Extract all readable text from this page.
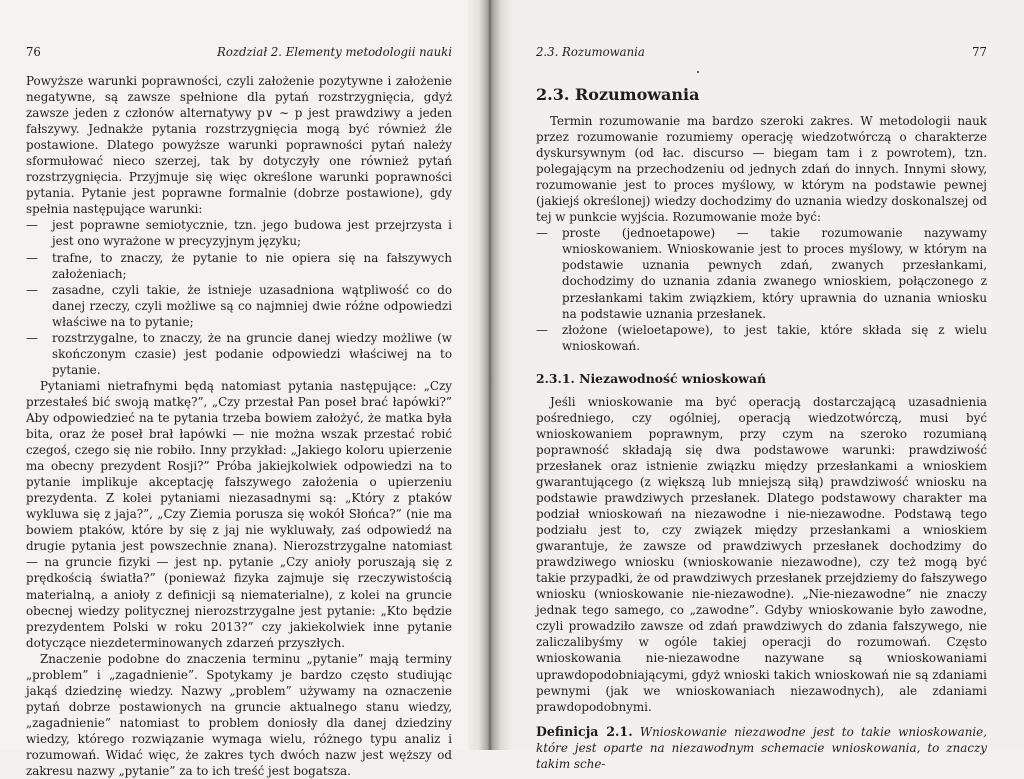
76	Rozdział 2. Elementy metodologii nauki

Powyższe warunki poprawności, czyli założenie pozytywne i założenie negatywne, są zawsze spełnione dla pytań rozstrzygnięcia, gdyż zawsze jeden z członów alternatywy p∨ ∼ p jest prawdziwy a jeden fałszywy. Jednakże pytania rozstrzygnięcia mogą być również źle postawione. Dlatego powyższe warunki poprawności pytań należy sformułować nieco szerzej, tak by dotyczyły one również pytań rozstrzygnięcia. Przyjmuje się więc określone warunki poprawności pytania. Pytanie jest poprawne formalnie (dobrze postawione), gdy spełnia następujące warunki:

— jest poprawne semiotycznie, tzn. jego budowa jest przejrzysta i jest ono wyrażone w precyzyjnym języku;
— trafne, to znaczy, że pytanie to nie opiera się na fałszywych założeniach;
— zasadne, czyli takie, że istnieje uzasadniona wątpliwość co do danej rzeczy, czyli możliwe są co najmniej dwie różne odpowiedzi właściwe na to pytanie;
— rozstrzygalne, to znaczy, że na gruncie danej wiedzy możliwe (w skończonym czasie) jest podanie odpowiedzi właściwej na to pytanie.

Pytaniami nietrafnymi będą natomiast pytania następujące: „Czy przestałeś bić swoją matkę?”, „Czy przestał Pan poseł brać łapówki?” Aby odpowiedzieć na te pytania trzeba bowiem założyć, że matka była bita, oraz że poseł brał łapówki — nie można wszak przestać robić czegoś, czego się nie robiło. Inny przykład: „Jakiego koloru upierzenie ma obecny prezydent Rosji?” Próba jakiejkolwiek odpowiedzi na to pytanie implikuje akceptację fałszywego założenia o upierzeniu prezydenta. Z kolei pytaniami niezasadnymi są: „Który z ptaków wykluwa się z jaja?”, „Czy Ziemia porusza się wokół Słońca?” (nie ma bowiem ptaków, które by się z jaj nie wykluwały, zaś odpowiedź na drugie pytania jest powszechnie znana). Nierozstrzygalne natomiast — na gruncie fizyki — jest np. pytanie „Czy anioły poruszają się z prędkością światła?” (ponieważ fizyka zajmuje się rzeczywistością materialną, a anioły z definicji są niematerialne), z kolei na gruncie obecnej wiedzy politycznej nierozstrzygalne jest pytanie: „Kto będzie prezydentem Polski w roku 2013?” czy jakiekolwiek inne pytanie dotyczące niezdeterminowanych zdarzeń przyszłych.

Znaczenie podobne do znaczenia terminu „pytanie” mają terminy „problem” i „zagadnienie”. Spotykamy je bardzo często studiując jakąś dziedzinę wiedzy. Nazwy „problem” używamy na oznaczenie pytań dobrze postawionych na gruncie aktualnego stanu wiedzy, „zagadnienie” natomiast to problem doniosły dla danej dziedziny wiedzy, którego rozwiązanie wymaga wielu, różnego typu analiz i rozumowań. Widać więc, że zakres tych dwóch nazw jest węższy od zakresu nazwy „pytanie” za to ich treść jest bogatsza.

2.3. Rozumowania	77
2.3. Rozumowania

Termin rozumowanie ma bardzo szeroki zakres. W metodologii nauk przez rozumowanie rozumiemy operację wiedzotwórczą o charakterze dyskursywnym (od łac. discurso — biegam tam i z powrotem), tzn. polegającym na przechodzeniu od jednych zdań do innych. Innymi słowy, rozumowanie jest to proces myślowy, w którym na podstawie pewnej (jakiejś określonej) wiedzy dochodzimy do uznania wiedzy doskonalszej od tej w punkcie wyjścia. Rozumowanie może być:

— proste (jednoetapowe) — takie rozumowanie nazywamy wnioskowaniem. Wnioskowanie jest to proces myślowy, w którym na podstawie uznania pewnych zdań, zwanych przesłankami, dochodzimy do uznania zdania zwanego wnioskiem, połączonego z przesłankami takim związkiem, który uprawnia do uznania wniosku na podstawie uznania przesłanek.
— złożone (wieloetapowe), to jest takie, które składa się z wielu wnioskowań.
2.3.1. Niezawodność wnioskowań

Jeśli wnioskowanie ma być operacją dostarczającą uzasadnienia pośredniego, czy ogólniej, operacją wiedzotwórczą, musi być wnioskowaniem poprawnym, przy czym na szeroko rozumianą poprawność składają się dwa podstawowe warunki: prawdziwość przesłanek oraz istnienie związku między przesłankami a wnioskiem gwarantującego (z większą lub mniejszą siłą) prawdziwość wniosku na podstawie prawdziwych przesłanek. Dlatego podstawowy charakter ma podział wnioskowań na niezawodne i nie-niezawodne. Podstawą tego podziału jest to, czy związek między przesłankami a wnioskiem gwarantuje, że zawsze od prawdziwych przesłanek dochodzimy do prawdziwego wniosku (wnioskowanie niezawodne), czy też mogą być takie przypadki, że od prawdziwych przesłanek przejdziemy do fałszywego wniosku (wnioskowanie nie-niezawodne). „Nie-niezawodne” nie znaczy jednak tego samego, co „zawodne”. Gdyby wnioskowanie było zawodne, czyli prowadziło zawsze od zdań prawdziwych do zdania fałszywego, nie zaliczalibyśmy w ogóle takiej operacji do rozumowań. Często wnioskowania nie-niezawodne nazywane są wnioskowaniami uprawdopodobniającymi, gdyż wnioski takich wnioskowań nie są zdaniami pewnymi (jak we wnioskowaniach niezawodnych), ale zdaniami prawdopodobnymi.

Definicja 2.1. Wnioskowanie niezawodne jest to takie wnioskowanie, które jest oparte na niezawodnym schemacie wnioskowania, to znaczy takim sche-
